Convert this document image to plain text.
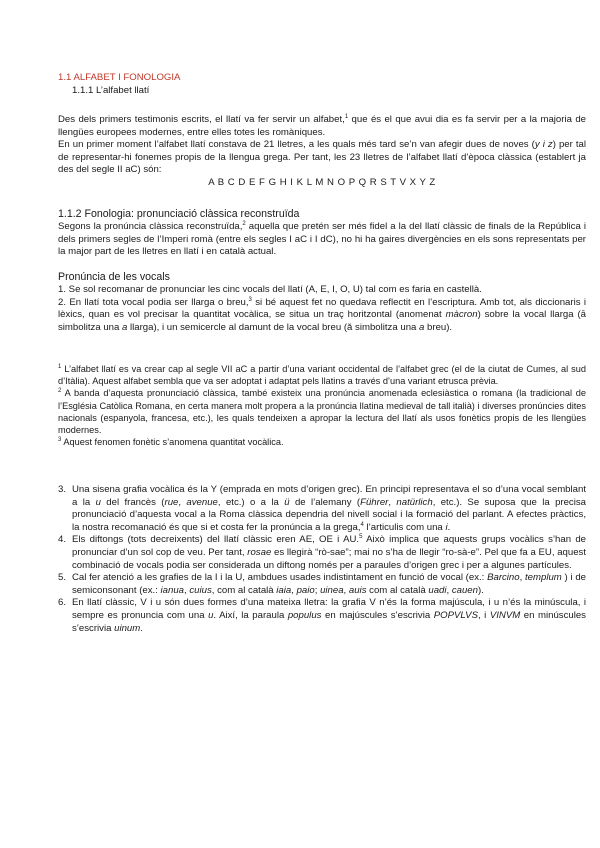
1.1 ALFABET I FONOLOGIA

1.1.1 L’alfabet llatí

Des dels primers testimonis escrits, el llatí va fer servir un alfabet,$^1$ que és el que avui dia es fa servir per a la majoria de llengües europees modernes, entre elles totes les romàniques.

En un primer moment l’alfabet llatí constava de 21 lletres, a les quals més tard se’n van afegir dues de noves (y i z) per tal de representar-hi fonemes propis de la llengua grega. Per tant, les 23 lletres de l’alfabet llatí d’època clàssica (establert ja des del segle II aC) són:

A B C D E F G H I K L M N O P Q R S T V X Y Z

1.1.2 Fonologia: pronunciació clàssica reconstruïda

Segons la pronúncia clàssica reconstruïda,$^2$ aquella que pretén ser més fidel a la del llatí clàssic de finals de la República i dels primers segles de l’Imperi romà (entre els segles I aC i I dC), no hi ha gaires divergències en els sons representats per la major part de les lletres en llatí i en català actual.

Pronúncia de les vocals

1. Se sol recomanar de pronunciar les cinc vocals del llatí (A, E, I, O, U) tal com es faria en castellà.

2. En llatí tota vocal podia ser llarga o breu,$^3$ si bé aquest fet no quedava reflectit en l’escriptura. Amb tot, als diccionaris i lèxics, quan es vol precisar la quantitat vocàlica, se situa un traç horitzontal (anomenat màcron) sobre la vocal llarga (ā simbolitza una a llarga), i un semicercle al damunt de la vocal breu (ă simbolitza una a breu).

$^1$ L’alfabet llatí es va crear cap al segle VII aC a partir d’una variant occidental de l’alfabet grec (el de la ciutat de Cumes, al sud d’Itàlia). Aquest alfabet sembla que va ser adoptat i adaptat pels llatins a través d’una variant etrusca prèvia.

$^2$ A banda d’aquesta pronunciació clàssica, també existeix una pronúncia anomenada eclesiàstica o romana (la tradicional de l’Església Catòlica Romana, en certa manera molt propera a la pronúncia llatina medieval de tall italià) i diverses pronúncies dites nacionals (espanyola, francesa, etc.), les quals tendeixen a apropar la lectura del llatí als usos fonètics propis de les llengües modernes.

$^3$ Aquest fenomen fonètic s’anomena quantitat vocàlica.

3. Una sisena grafia vocàlica és la Y (emprada en mots d’origen grec). En principi representava el so d’una vocal semblant a la u del francès (rue, avenue, etc.) o a la ü de l’alemany (Führer, natürlich, etc.). Se suposa que la precisa pronunciació d’aquesta vocal a la Roma clàssica dependria del nivell social i la formació del parlant. A efectes pràctics, la nostra recomanació és que si et costa fer la pronúncia a la grega,$^4$ l’articulis com una i.
4. Els diftongs (tots decreixents) del llatí clàssic eren AE, OE i AU.$^5$ Això implica que aquests grups vocàlics s’han de pronunciar d’un sol cop de veu. Per tant, rosae es llegirà “rò-sae”; mai no s’ha de llegir “ro-sà-e”. Pel que fa a EU, aquest combinació de vocals podia ser considerada un diftong només per a paraules d’origen grec i per a algunes partícules.
5. Cal fer atenció a les grafies de la I i la U, ambdues usades indistintament en funció de vocal (ex.: Barcino, templum ) i de semiconsonant (ex.: ianua, cuius, com al català iaia, paio; uinea, auis com al català uadi, cauen).
6. En llatí clàssic, V i u són dues formes d’una mateixa lletra: la grafia V n’és la forma majúscula, i u n’és la minúscula, i sempre es pronuncia com una u. Així, la paraula populus en majúscules s’escrivia POPVLVS, i VINVM en minúscules s’escrivia uinum.
